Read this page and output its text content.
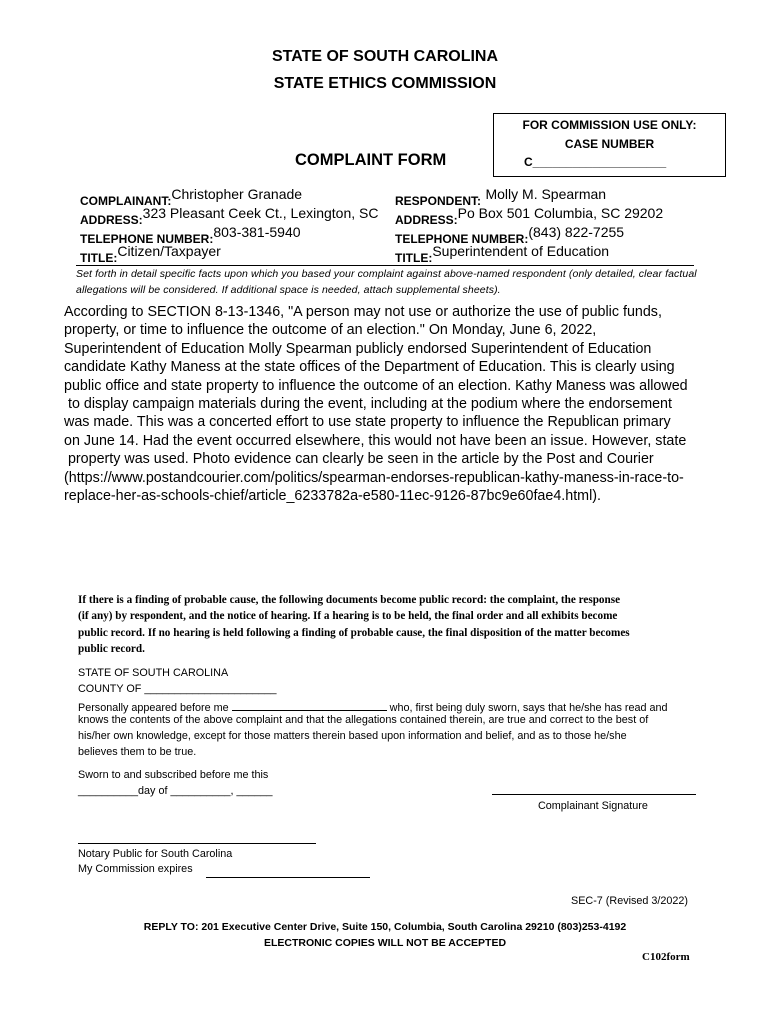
STATE OF SOUTH CAROLINA
STATE ETHICS COMMISSION
COMPLAINT FORM
FOR COMMISSION USE ONLY:
CASE NUMBER
C____________________
COMPLAINANT:Christopher Granade
ADDRESS:323 Pleasant Ceek Ct., Lexington, SC
TELEPHONE NUMBER:803-381-5940
TITLE:Citizen/Taxpayer
RESPONDENT: Molly M. Spearman
ADDRESS:Po Box 501 Columbia, SC 29202
TELEPHONE NUMBER:(843) 822-7255
TITLE:Superintendent of Education
Set forth in detail specific facts upon which you based your complaint against above-named respondent (only detailed, clear factual allegations will be considered. If additional space is needed, attach supplemental sheets).
According to SECTION 8-13-1346, "A person may not use or authorize the use of public funds,
property, or time to influence the outcome of an election." On Monday, June 6, 2022,
Superintendent of Education Molly Spearman publicly endorsed Superintendent of Education
candidate Kathy Maness at the state offices of the Department of Education. This is clearly using
public office and state property to influence the outcome of an election. Kathy Maness was allowed
to display campaign materials during the event, including at the podium where the endorsement
was made. This was a concerted effort to use state property to influence the Republican primary
on June 14. Had the event occurred elsewhere, this would not have been an issue. However, state
property was used. Photo evidence can clearly be seen in the article by the Post and Courier
(https://www.postandcourier.com/politics/spearman-endorses-republican-kathy-maness-in-race-to-
replace-her-as-schools-chief/article_6233782a-e580-11ec-9126-87bc9e60fae4.html).
If there is a finding of probable cause, the following documents become public record: the complaint, the response
(if any) by respondent, and the notice of hearing. If a hearing is to be held, the final order and all exhibits become
public record. If no hearing is held following a finding of probable cause, the final disposition of the matter becomes
public record.
STATE OF SOUTH CAROLINA
COUNTY OF ______________________
Personally appeared before me	who, first being duly sworn, says that he/she has read and
knows the contents of the above complaint and that the allegations contained therein, are true and correct to the best of
his/her own knowledge, except for those matters therein based upon information and belief, and as to those he/she
believes them to be true.
Sworn to and subscribed before me this
__________day of __________, ______
Complainant Signature
Notary Public for South Carolina
My Commission expires
SEC-7 (Revised 3/2022)
REPLY TO: 201 Executive Center Drive, Suite 150, Columbia, South Carolina 29210 (803)253-4192
ELECTRONIC COPIES WILL NOT BE ACCEPTED
C102form
